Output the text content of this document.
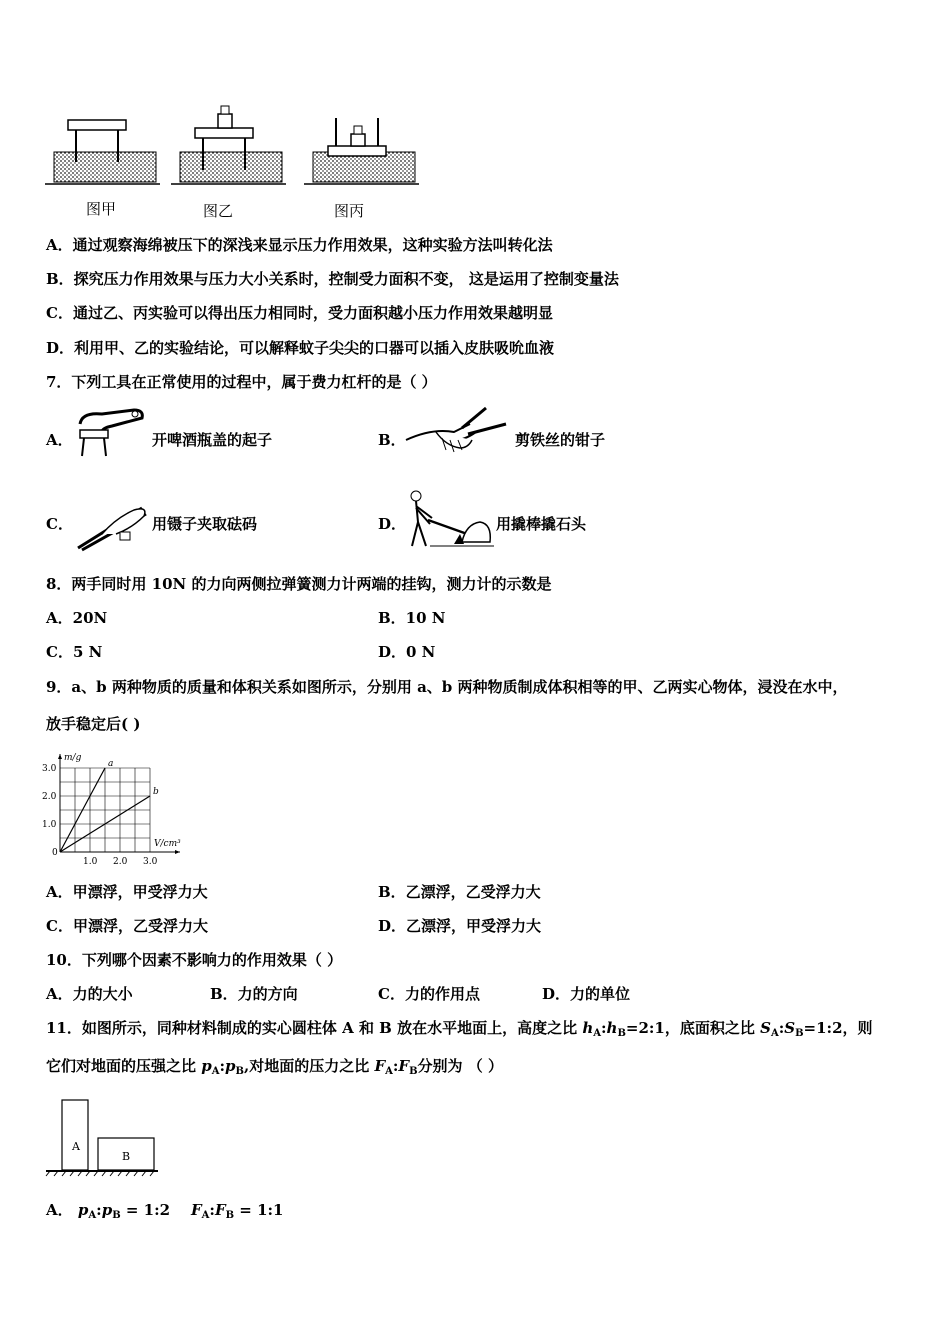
图甲	图乙	图丙
A．通过观察海绵被压下的深浅来显示压力作用效果，这种实验方法叫转化法
B．探究压力作用效果与压力大小关系时，控制受力面积不变， 这是运用了控制变量法
C．通过乙、丙实验可以得出压力相同时，受力面积越小压力作用效果越明显
D．利用甲、乙的实验结论，可以解释蚊子尖尖的口器可以插入皮肤吸吮血液
7．下列工具在正常使用的过程中，属于费力杠杆的是（ ）
A．	开啤酒瓶盖的起子	B．	剪铁丝的钳子
C．	用镊子夹取砝码	D．	用撬棒撬石头
8．两手同时用 10N 的力向两侧拉弹簧测力计两端的挂钩，测力计的示数是
A．20N	B．10 N
C．5 N	D．0 N
9．a、b 两种物质的质量和体积关系如图所示，分别用 a、b 两种物质制成体积相等的甲、乙两实心物体，浸没在水中，
放手稳定后( )
1.0 2.0 3.0
0
1.0
2.0
3.0
m/g
V/cm³
a
b
A．甲漂浮，甲受浮力大	B．乙漂浮，乙受浮力大
C．甲漂浮，乙受浮力大	D．乙漂浮，甲受浮力大
10．下列哪个因素不影响力的作用效果（ ）
A．力的大小	B．力的方向	C．力的作用点	D．力的单位
11．如图所示，同种材料制成的实心圆柱体 A 和 B 放在水平地面上，高度之比 $h_A:h_B=2:1$，底面积之比 $S_A:S_B=1:2$，则
它们对地面的压强之比 $p_A:p_B$,对地面的压力之比 $F_A:F_B$分别为 （ ）
A
B
A． $p_A:p_B$ = 1:2 $F_A:F_B$ = 1:1
